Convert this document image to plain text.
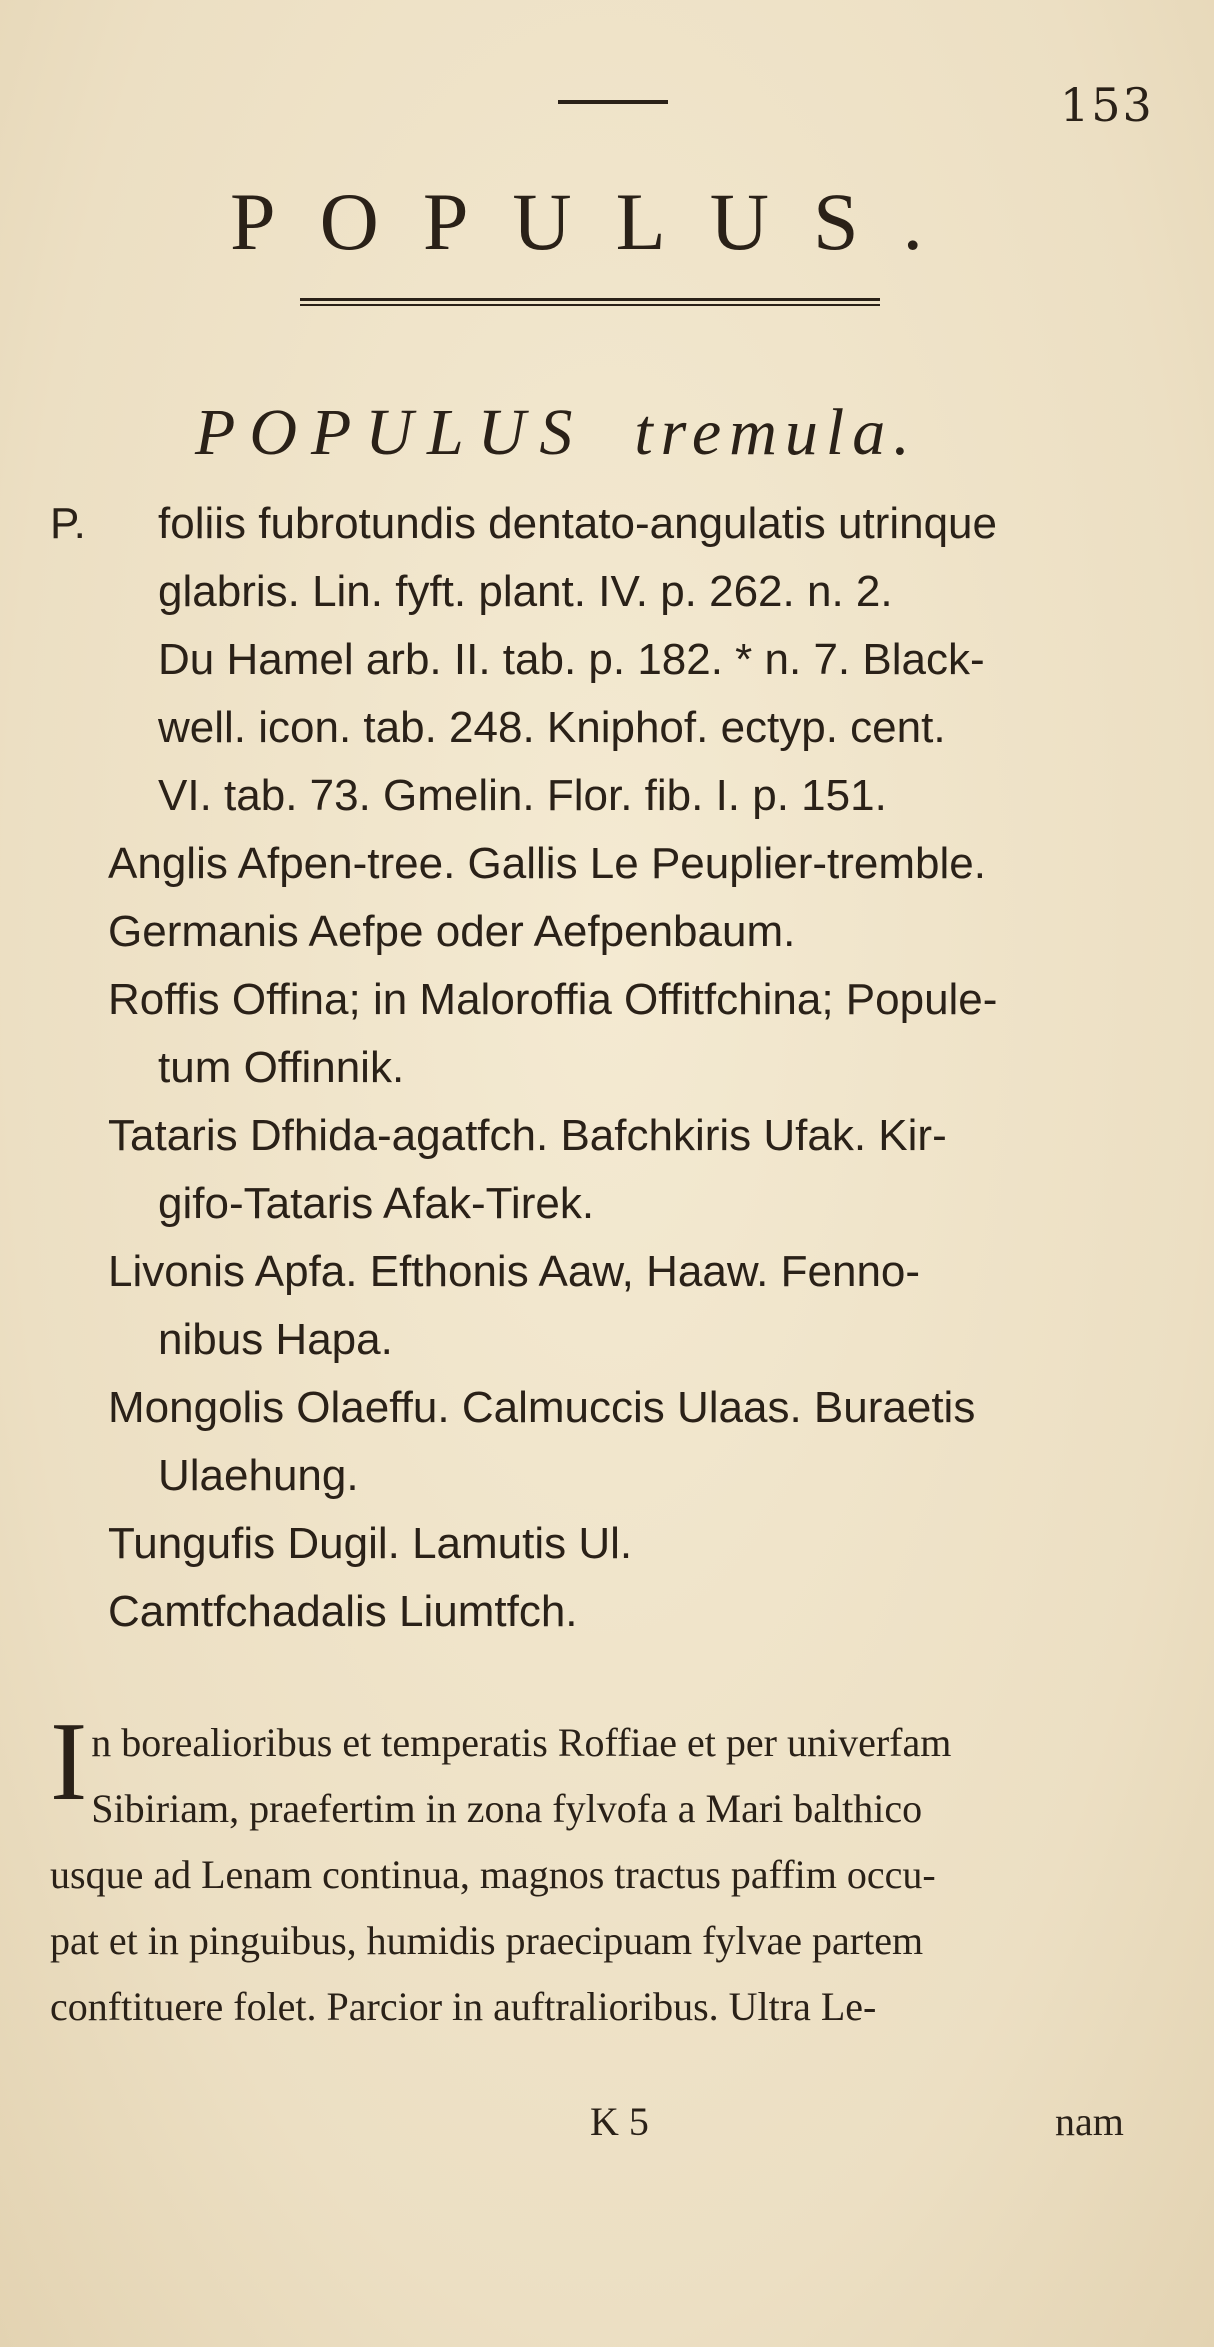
153
POPULUS.
POPULUS tremula.
P. foliis fubrotundis dentato-angulatis utrinque
glabris. Lin. fyft. plant. IV. p. 262. n. 2.
Du Hamel arb. II. tab. p. 182. * n. 7. Black-
well. icon. tab. 248. Kniphof. ectyp. cent.
VI. tab. 73. Gmelin. Flor. fib. I. p. 151.
Anglis Afpen-tree. Gallis Le Peuplier-tremble.
Germanis Aefpe oder Aefpenbaum.
Roffis Offina; in Maloroffia Offitfchina; Popule-
tum Offinnik.
Tataris Dfhida-agatfch. Bafchkiris Ufak. Kir-
gifo-Tataris Afak-Tirek.
Livonis Apfa. Efthonis Aaw, Haaw. Fenno-
nibus Hapa.
Mongolis Olaeffu. Calmuccis Ulaas. Buraetis
Ulaehung.
Tungufis Dugil. Lamutis Ul.
Camtfchadalis Liumtfch.
I n borealioribus et temperatis Roffiae et per univerfam
Sibiriam, praefertim in zona fylvofa a Mari balthico
usque ad Lenam continua, magnos tractus paffim occu-
pat et in pinguibus, humidis praecipuam fylvae partem
conftituere folet. Parcior in auftralioribus. Ultra Le-
K 5	nam
